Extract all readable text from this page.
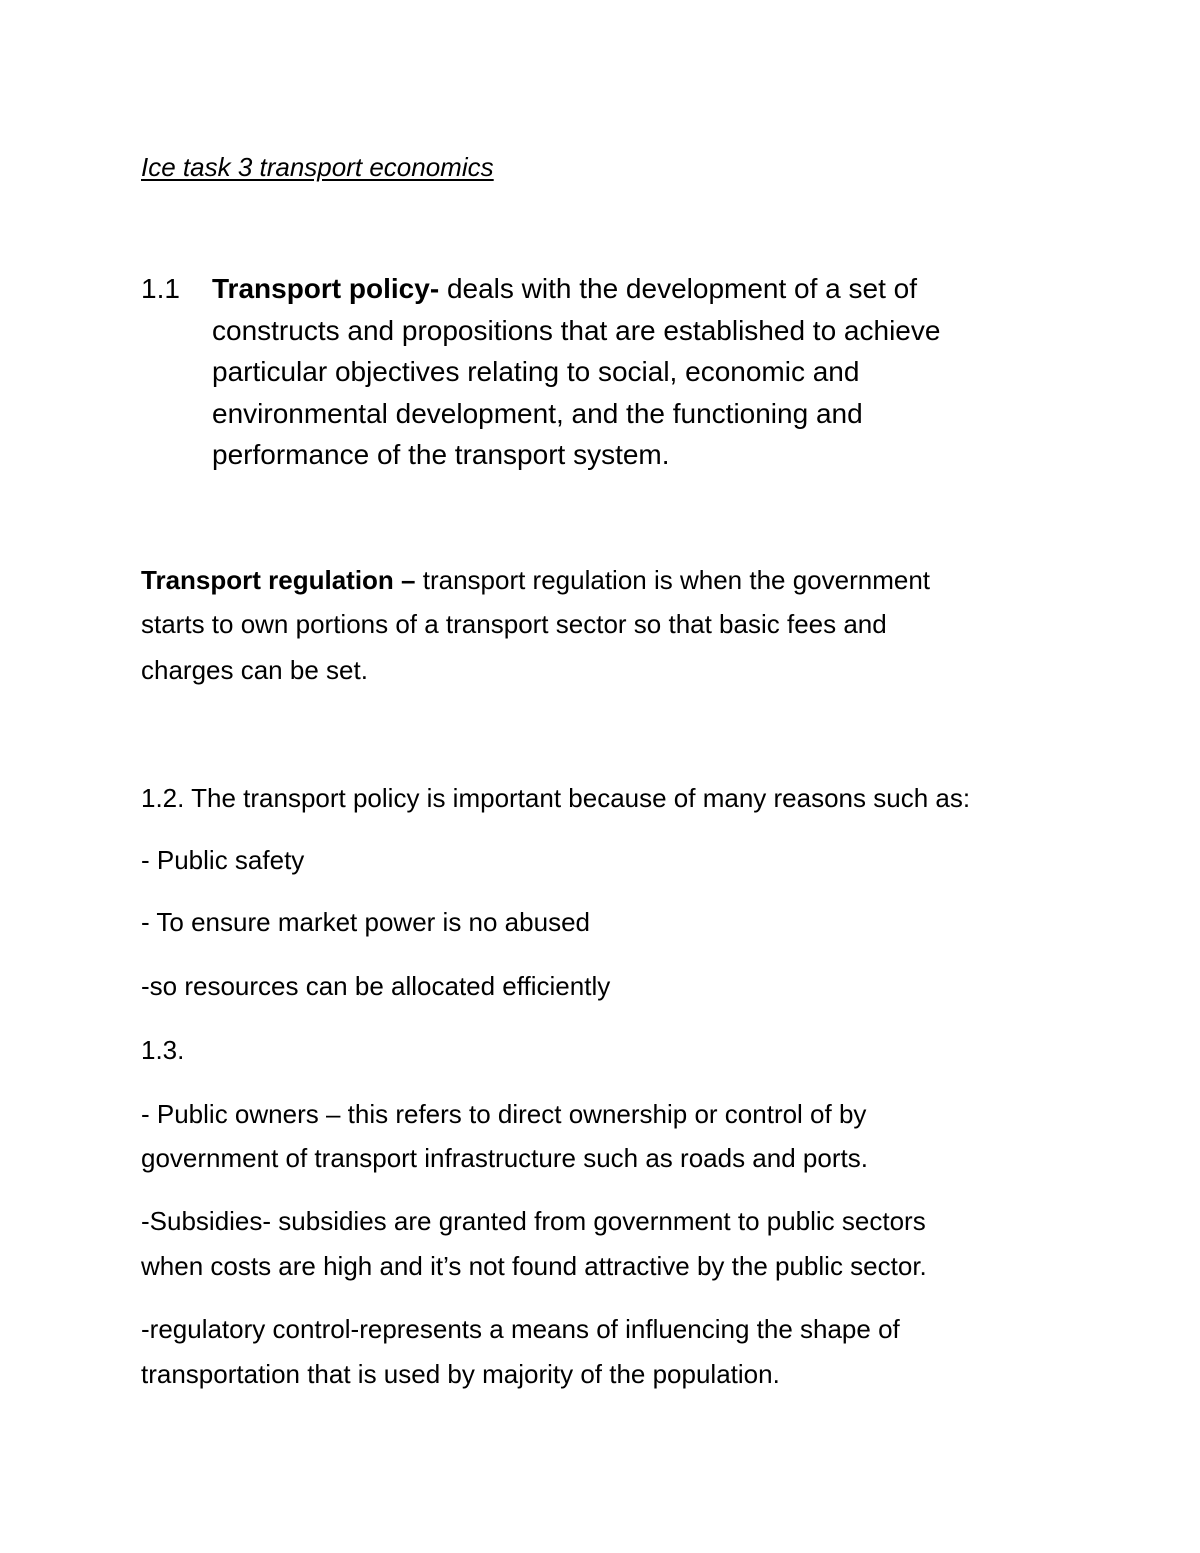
Ice task 3 transport economics
1.1 Transport policy- deals with the development of a set of

constructs and propositions that are established to achieve

particular objectives relating to social, economic and

environmental development, and the functioning and

performance of the transport system.

Transport regulation – transport regulation is when the government
starts to own portions of a transport sector so that basic fees and
charges can be set.
1.2. The transport policy is important because of many reasons such as:
- Public safety
- To ensure market power is no abused
-so resources can be allocated efficiently
1.3.
- Public owners – this refers to direct ownership or control of by
government of transport infrastructure such as roads and ports.
-Subsidies- subsidies are granted from government to public sectors
when costs are high and it’s not found attractive by the public sector.
-regulatory control-represents a means of influencing the shape of
transportation that is used by majority of the population.
